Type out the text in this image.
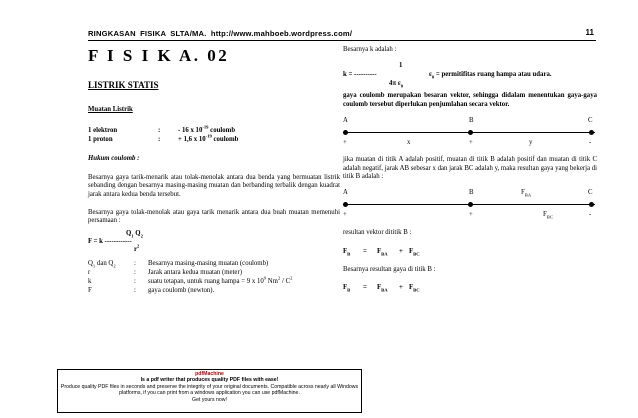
RINGKASAN FISIKA SLTA/MA. http://www.mahboeb.wordpress.com/	11
F I S I K A. 02
LISTRIK STATIS
Muatan Listrik
1 elektron	:	- 16 x $10^{-19}$ coulomb
1 proton	:	+ 1,6 x $10^{-19}$ coulomb
Hukum coulomb :
Besarnya gaya tarik-menarik atau tolak-menolak antara dua benda yang bermuatan listrik sebanding dengan besarnya masing-masing muatan dan berbanding terbalik dengan kuadrat jarak antara kedua benda tersebut.
Besarnya gaya tolak-menolak atau gaya tarik menarik antara dua buah muatan memenuhi persamaan :
$Q_1$ $Q_2$
F = k ------------
$r^2$
$Q_1$ dan $Q_2$	: Besarnya masing-masing muatan (coulomb)
r	: Jarak antara kedua muatan (meter)
k	: suatu tetapan, untuk ruang hampa = 9 x $10^9$ $Nm^2 / C^2$
F	: gaya coulomb (newton).
Besarnya k adalah :
1
k = ----------	$\varepsilon_0$ = permitifitas ruang hampa atau udara.
4π $\varepsilon_0$
gaya coulomb merupakan besaran vektor, sehingga didalam menentukan gaya-gaya coulomb tersebut diperlukan penjumlahan secara vektor.
A	B	C
+	x	+	y	-
jika muatan di titik A adalah positif, muatan di titik B adalah positif dan muatan di titik C adalah negatif, jarak AB sebesar x dan jarak BC adalah y, maka resultan gaya yang bekerja di titik B adalah :
A	B	$F_{BA}$	C
+	+	$F_{BC}$	-
resultan vektor dititik B :
$F_B = F_{BA} + F_{BC}$
Besarnya resultan gaya di titik B :
$F_B = F_{BA} + F_{BC}$
pdfMachine
Is a pdf writer that produces quality PDF files with ease!
Produce quality PDF files in seconds and preserve the integrity of your original documents. Compatible across nearly all Windows platforms, if you can print from a windows application you can use pdfMachine.
Get yours now!
